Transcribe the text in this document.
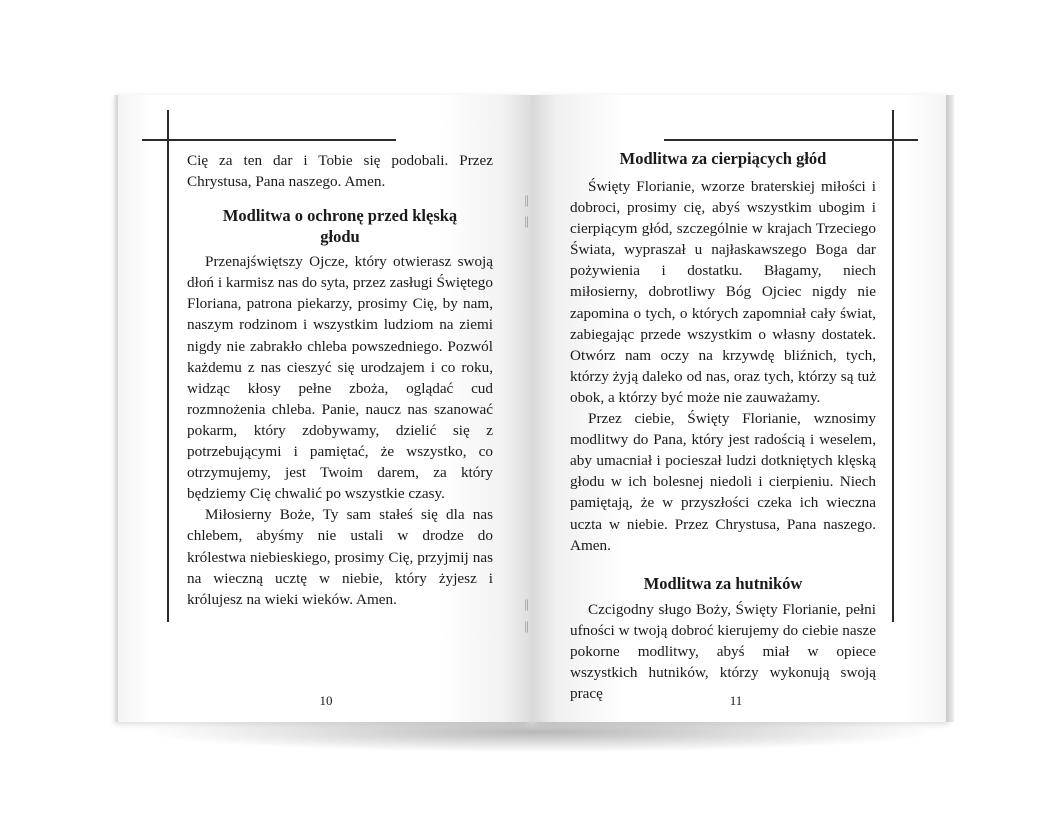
Cię za ten dar i Tobie się podobali. Przez Chrystusa, Pana naszego. Amen.

Modlitwa o ochronę przed klęską głodu

Przenajświętszy Ojcze, który otwierasz swoją dłoń i karmisz nas do syta, przez zasługi Świętego Floriana, patrona piekarzy, prosimy Cię, by nam, naszym rodzinom i wszystkim ludziom na ziemi nigdy nie zabrakło chleba powszedniego. Pozwól każdemu z nas cieszyć się urodzajem i co roku, widząc kłosy pełne zboża, oglądać cud rozmnożenia chleba. Panie, naucz nas szanować pokarm, który zdobywamy, dzielić się z potrzebującymi i pamiętać, że wszystko, co otrzymujemy, jest Twoim darem, za który będziemy Cię chwalić po wszystkie czasy.

Miłosierny Boże, Ty sam stałeś się dla nas chlebem, abyśmy nie ustali w drodze do królestwa niebieskiego, prosimy Cię, przyjmij nas na wieczną ucztę w niebie, który żyjesz i królujesz na wieki wieków. Amen.

10
Modlitwa za cierpiących głód

Święty Florianie, wzorze braterskiej miłości i dobroci, prosimy cię, abyś wszystkim ubogim i cierpiącym głód, szczególnie w krajach Trzeciego Świata, wypraszał u najłaskawszego Boga dar pożywienia i dostatku. Błagamy, niech miłosierny, dobrotliwy Bóg Ojciec nigdy nie zapomina o tych, o których zapomniał cały świat, zabiegając przede wszystkim o własny dostatek. Otwórz nam oczy na krzywdę bliźnich, tych, którzy żyją daleko od nas, oraz tych, którzy są tuż obok, a którzy być może nie zauważamy.

Przez ciebie, Święty Florianie, wznosimy modlitwy do Pana, który jest radością i weselem, aby umacniał i pocieszał ludzi dotkniętych klęską głodu w ich bolesnej niedoli i cierpieniu. Niech pamiętają, że w przyszłości czeka ich wieczna uczta w niebie. Przez Chrystusa, Pana naszego. Amen.

Modlitwa za hutników

Czcigodny sługo Boży, Święty Florianie, pełni ufności w twoją dobroć kierujemy do ciebie nasze pokorne modlitwy, abyś miał w opiece wszystkich hutników, którzy wykonują swoją pracę	11
